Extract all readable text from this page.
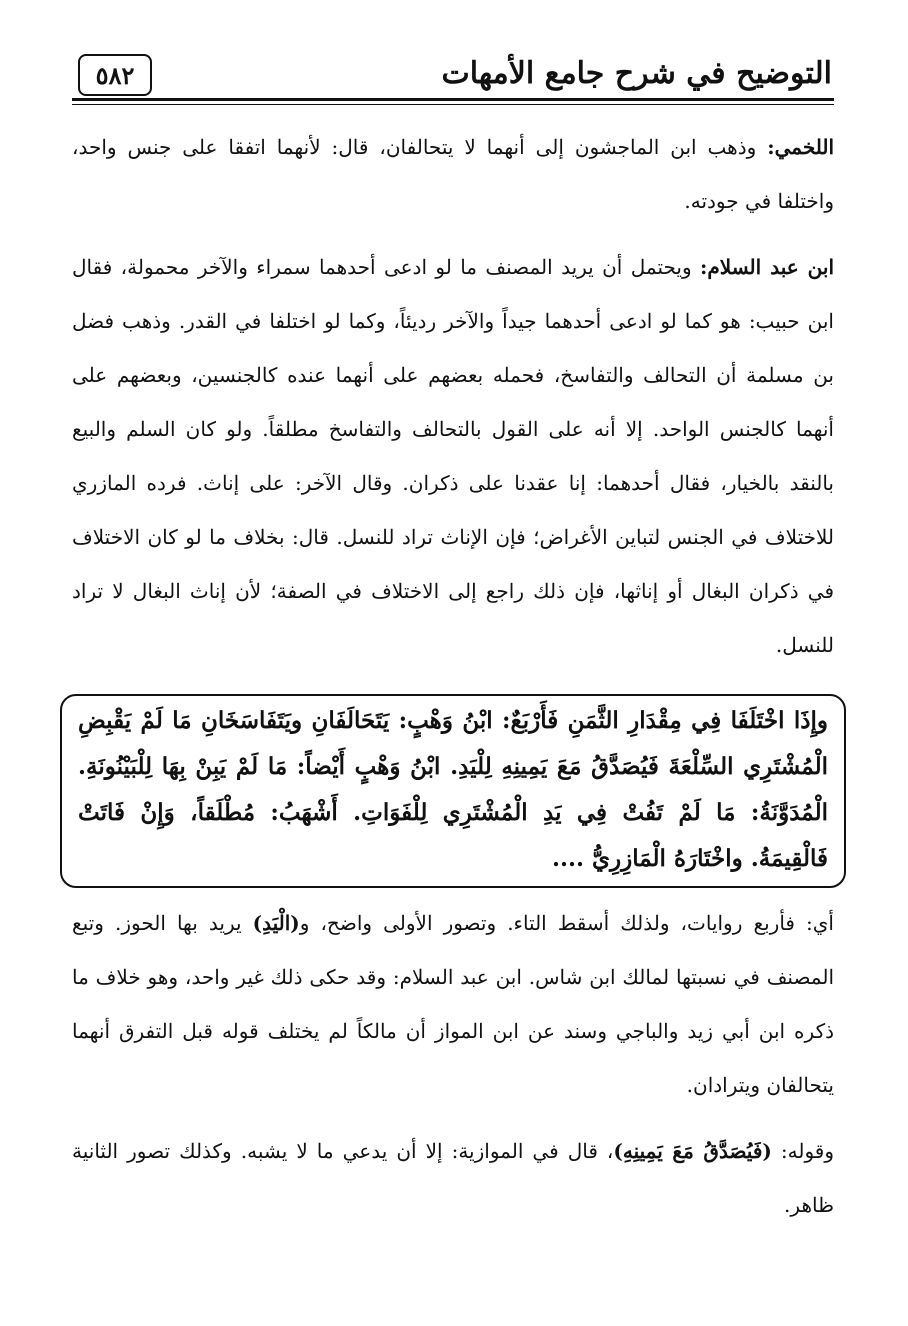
التوضيح في شرح جامع الأمهات
٥٨٢

اللخمي: وذهب ابن الماجشون إلى أنهما لا يتحالفان، قال: لأنهما اتفقا على جنس واحد، واختلفا في جودته.

ابن عبد السلام: ويحتمل أن يريد المصنف ما لو ادعى أحدهما سمراء والآخر محمولة، فقال ابن حبيب: هو كما لو ادعى أحدهما جيداً والآخر رديئاً، وكما لو اختلفا في القدر. وذهب فضل بن مسلمة أن التحالف والتفاسخ، فحمله بعضهم على أنهما عنده كالجنسين، وبعضهم على أنهما كالجنس الواحد. إلا أنه على القول بالتحالف والتفاسخ مطلقاً. ولو كان السلم والبيع بالنقد بالخيار، فقال أحدهما: إنا عقدنا على ذكران. وقال الآخر: على إناث. فرده المازري للاختلاف في الجنس لتباين الأغراض؛ فإن الإناث تراد للنسل. قال: بخلاف ما لو كان الاختلاف في ذكران البغال أو إناثها، فإن ذلك راجع إلى الاختلاف في الصفة؛ لأن إناث البغال لا تراد للنسل.

وإِذَا اخْتَلَفَا فِي مِقْدَارِ الثَّمَنِ فَأَرْبَعٌ: ابْنُ وَهْبٍ: يَتَحَالَفَانِ ويَتَفَاسَخَانِ مَا لَمْ يَقْبِضِ الْمُشْتَرِي السِّلْعَةَ فَيُصَدَّقُ مَعَ يَمِينِهِ لِلْيَدِ. ابْنُ وَهْبٍ أَيْضاً: مَا لَمْ يَبِنْ بِهَا لِلْبَيْنُونَةِ. الْمُدَوَّنَةُ: مَا لَمْ تَفُتْ فِي يَدِ الْمُشْتَرِي لِلْفَوَاتِ. أَشْهَبُ: مُطْلَقاً، وَإِنْ فَاتَتْ فَالْقِيمَةُ. واخْتَارَهُ الْمَازِرِيُّ ....

أي: فأربع روايات، ولذلك أسقط التاء. وتصور الأولى واضح، و(الْيَدِ) يريد بها الحوز. وتبع المصنف في نسبتها لمالك ابن شاس. ابن عبد السلام: وقد حكى ذلك غير واحد، وهو خلاف ما ذكره ابن أبي زيد والباجي وسند عن ابن المواز أن مالكاً لم يختلف قوله قبل التفرق أنهما يتحالفان ويترادان.

وقوله: (فَيُصَدَّقُ مَعَ يَمِينِهِ)، قال في الموازية: إلا أن يدعي ما لا يشبه. وكذلك تصور الثانية ظاهر.
